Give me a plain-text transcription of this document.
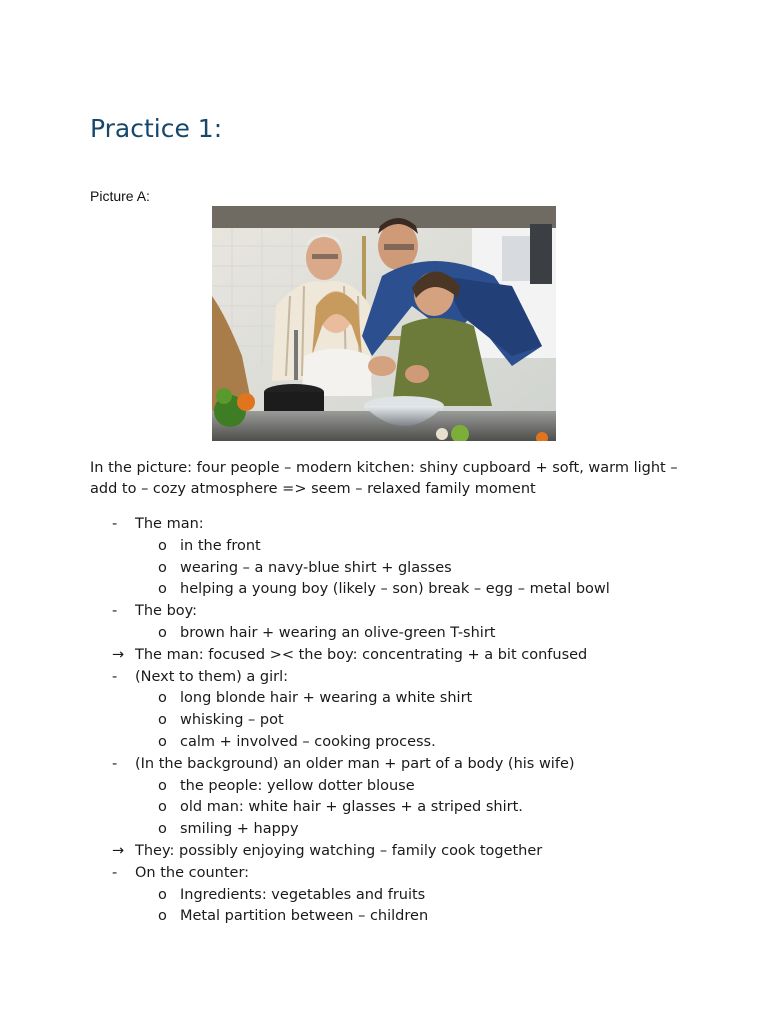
Practice 1:
Picture A:
In the picture: four people – modern kitchen: shiny cupboard + soft, warm light – add to – cozy atmosphere => seem – relaxed family moment
-	The man:
o in the front
o wearing – a navy-blue shirt + glasses
o helping a young boy (likely – son) break – egg – metal bowl
-	The boy:
o brown hair + wearing an olive-green T-shirt
→ The man: focused >< the boy: concentrating + a bit confused
-	(Next to them) a girl:
o long blonde hair + wearing a white shirt
o whisking – pot
o calm + involved – cooking process.
-	(In the background) an older man + part of a body (his wife)
o the people: yellow dotter blouse
o old man: white hair + glasses + a striped shirt.
o smiling + happy
→ They: possibly enjoying watching – family cook together
-	On the counter:
o Ingredients: vegetables and fruits
o Metal partition between – children
